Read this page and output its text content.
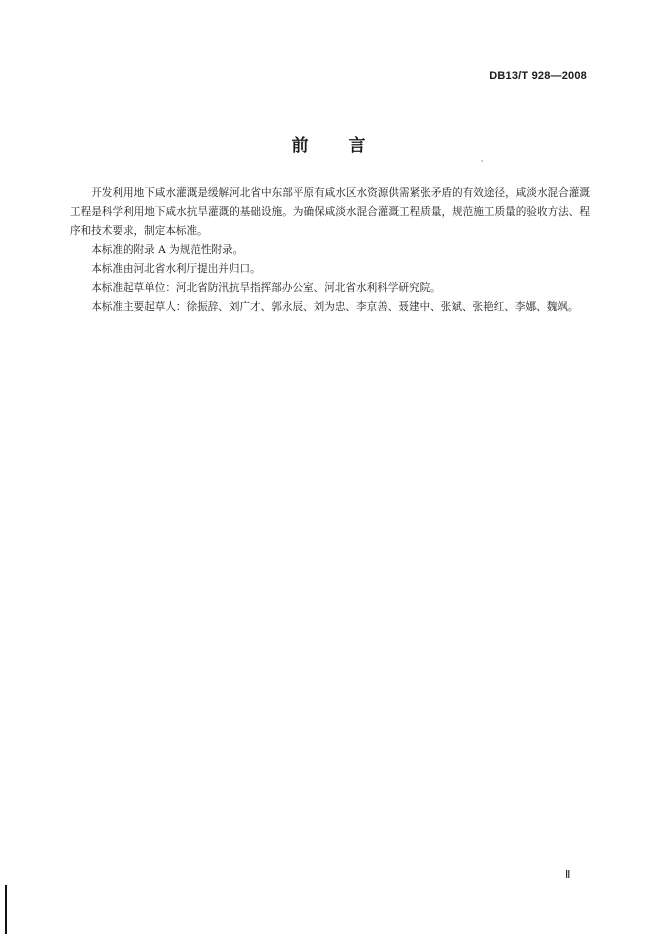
DB13/T 928—2008
前言

开发利用地下咸水灌溉是缓解河北省中东部平原有咸水区水资源供需紧张矛盾的有效途径，咸淡水混合灌溉工程是科学利用地下咸水抗旱灌溉的基础设施。为确保咸淡水混合灌溉工程质量，规范施工质量的验收方法、程序和技术要求，制定本标准。

本标准的附录 A 为规范性附录。

本标准由河北省水利厅提出并归口。

本标准起草单位：河北省防汛抗旱指挥部办公室、河北省水利科学研究院。

本标准主要起草人：徐振辞、刘广才、郭永辰、刘为忠、李京善、聂建中、张斌、张艳红、李娜、魏飒。

Ⅱ
